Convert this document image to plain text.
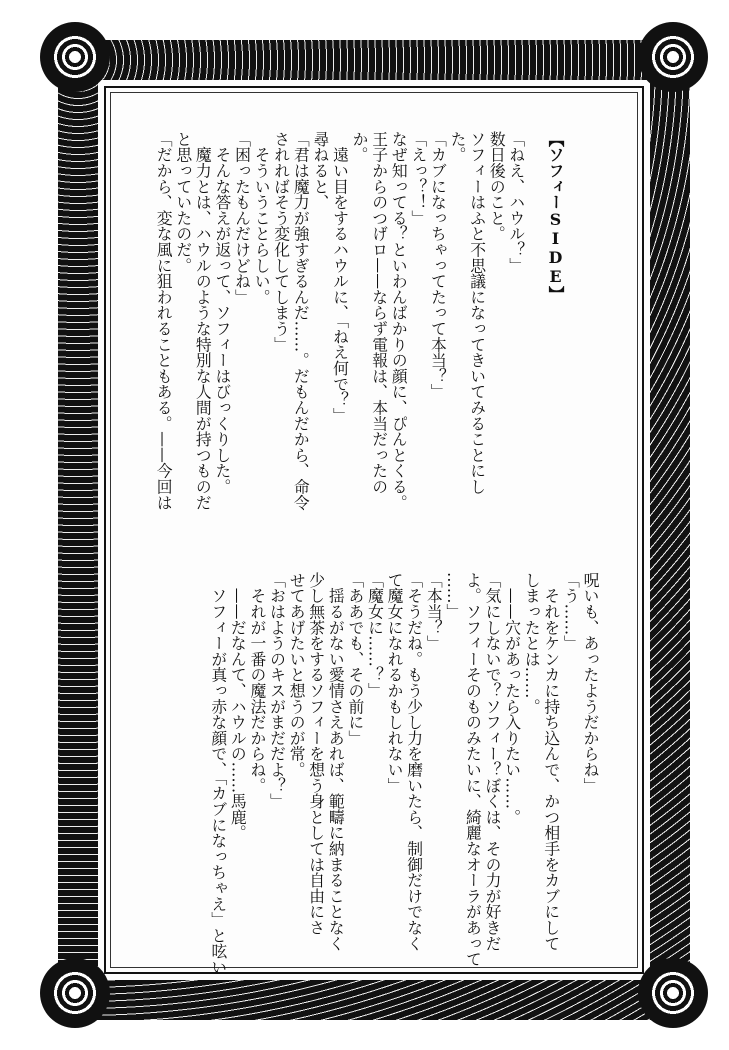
【ソフィーSIDE】

「ねえ、ハウル？」
数日後のこと。
ソフィーはふと不思議になってきいてみることにし
た。
「カブになっちゃってたって本当？」
「えっ？！」
なぜ知ってる？といわんばかりの顔に、ぴんとくる。
王子からのつげロ——ならず電報は、本当だったの
か。
　遠い目をするハウルに、「ねえ何で？」
尋ねると、
「君は魔力が強すぎるんだ……。だもんだから、命令
されればそう変化してしまう」
　そういうことらしい。
「困ったもんだけどね」
　そんな答えが返って、ソフィーはびっくりした。
　魔力とは、ハウルのような特別な人間が持つものだ
と思っていたのだ。
「だから、変な風に狙われることもある。——今回は
呪いも、あったようだからね」
「う……」
　それをケンカに持ち込んで、かつ相手をカブにして
しまったとは……。
　——穴があったら入りたい……。
「気にしないで？ソフィー？ぼくは、その力が好きだ
よ。ソフィーそのものみたいに、綺麗なオーラがあって
……」
「本当？」
「そうだね。もう少し力を磨いたら、制御だけでなく
て魔女になれるかもしれない」
「魔女に……？」
「ああでも、その前に」
　揺るがない愛情さえあれば、範疇に納まることなく
少し無茶をするソフィーを想う身としては自由にさ
せてあげたいと想うのが常。
「おはようのキスがまだだよ？」
　それが一番の魔法だからね。
　——だなんて、ハウルの……馬鹿。
　ソフィーが真っ赤な顔で、「カブになっちゃえ」と呟い
